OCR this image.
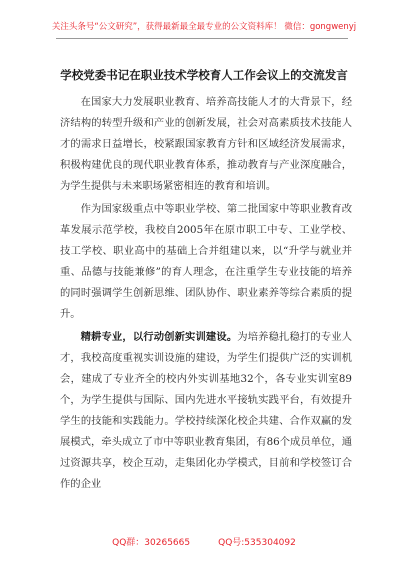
关注头条号“公文研究”，获得最新最全最专业的公文资料库！ 微信：gongwenyj
学校党委书记在职业技术学校育人工作会议上的交流发言

在国家大力发展职业教育、培养高技能人才的大背景下，经济结构的转型升级和产业的创新发展，社会对高素质技术技能人才的需求日益增长，校紧跟国家教育方针和区域经济发展需求，积极构建优良的现代职业教育体系，推动教育与产业深度融合，为学生提供与未来职场紧密相连的教育和培训。

作为国家级重点中等职业学校、第二批国家中等职业教育改革发展示范学校，我校自2005年在原市职工中专、工业学校、技工学校、职业高中的基础上合并组建以来，以“升学与就业并重、品德与技能兼修”的育人理念，在注重学生专业技能的培养的同时强调学生创新思维、团队协作、职业素养等综合素质的提升。

精耕专业，以行动创新实训建设。为培养稳扎稳打的专业人才，我校高度重视实训设施的建设，为学生们提供广泛的实训机会，建成了专业齐全的校内外实训基地32个，各专业实训室89个，为学生提供与国际、国内先进水平接轨实践平台，有效提升学生的技能和实践能力。学校持续深化校企共建、合作双赢的发展模式，牵头成立了市中等职业教育集团，有86个成员单位，通过资源共享，校企互动，走集团化办学模式，目前和学校签订合作的企业

QQ群：30265665	QQ号:535304092
